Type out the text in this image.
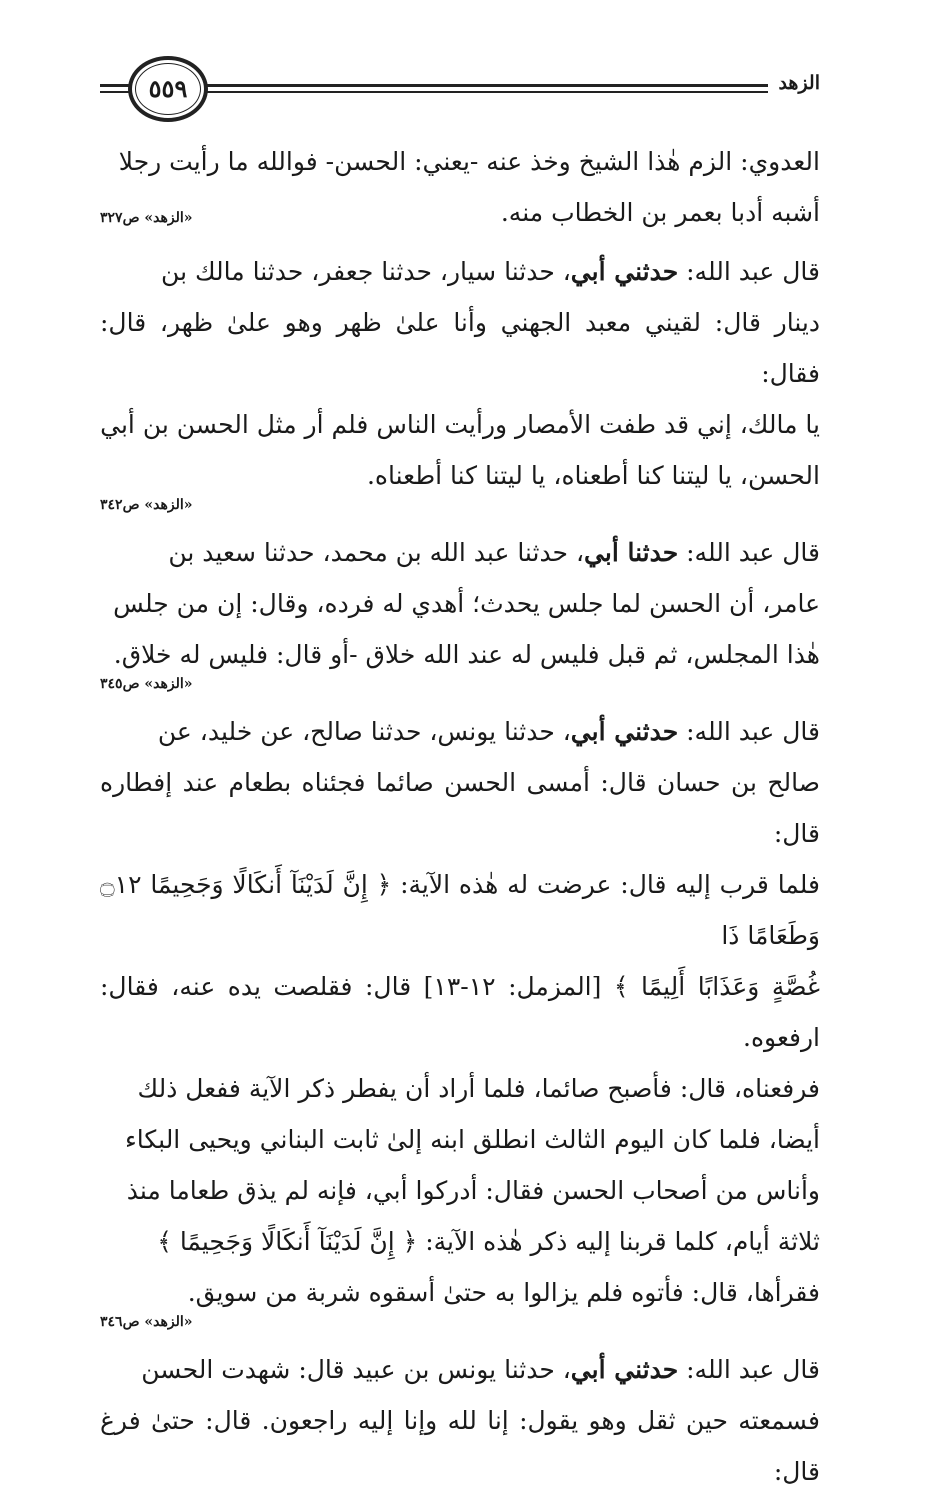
الزهد
٥٥٩

العدوي: الزم هٰذا الشيخ وخذ عنه -يعني: الحسن- فوالله ما رأيت رجلا

أشبه أدبا بعمر بن الخطاب منه.
«الزهد» ص٣٢٧

قال عبد الله: حدثني أبي، حدثنا سيار، حدثنا جعفر، حدثنا مالك بن

دينار قال: لقيني معبد الجهني وأنا علىٰ ظهر وهو علىٰ ظهر، قال: فقال:

يا مالك، إني قد طفت الأمصار ورأيت الناس فلم أر مثل الحسن بن أبي

الحسن، يا ليتنا كنا أطعناه، يا ليتنا كنا أطعناه.

«الزهد» ص٣٤٢

قال عبد الله: حدثنا أبي، حدثنا عبد الله بن محمد، حدثنا سعيد بن

عامر، أن الحسن لما جلس يحدث؛ أهدي له فرده، وقال: إن من جلس

هٰذا المجلس، ثم قبل فليس له عند الله خلاق -أو قال: فليس له خلاق.

«الزهد» ص٣٤٥

قال عبد الله: حدثني أبي، حدثنا يونس، حدثنا صالح، عن خليد، عن

صالح بن حسان قال: أمسى الحسن صائما فجئناه بطعام عند إفطاره قال:

فلما قرب إليه قال: عرضت له هٰذه الآية: ﴿ إِنَّ لَدَيْنَآ أَنكَالًا وَجَحِيمًا ۝١٢ وَطَعَامًا ذَا

غُصَّةٍ وَعَذَابًا أَلِيمًا ﴾ [المزمل: ١٢-١٣] قال: فقلصت يده عنه، فقال: ارفعوه.

فرفعناه، قال: فأصبح صائما، فلما أراد أن يفطر ذكر الآية ففعل ذلك

أيضا، فلما كان اليوم الثالث انطلق ابنه إلىٰ ثابت البناني ويحيى البكاء

وأناس من أصحاب الحسن فقال: أدركوا أبي، فإنه لم يذق طعاما منذ

ثلاثة أيام، كلما قربنا إليه ذكر هٰذه الآية: ﴿ إِنَّ لَدَيْنَآ أَنكَالًا وَجَحِيمًا ﴾

فقرأها، قال: فأتوه فلم يزالوا به حتىٰ أسقوه شربة من سويق.

«الزهد» ص٣٤٦

قال عبد الله: حدثني أبي، حدثنا يونس بن عبيد قال: شهدت الحسن

فسمعته حين ثقل وهو يقول: إنا لله وإنا إليه راجعون. قال: حتىٰ فرغ قال:
